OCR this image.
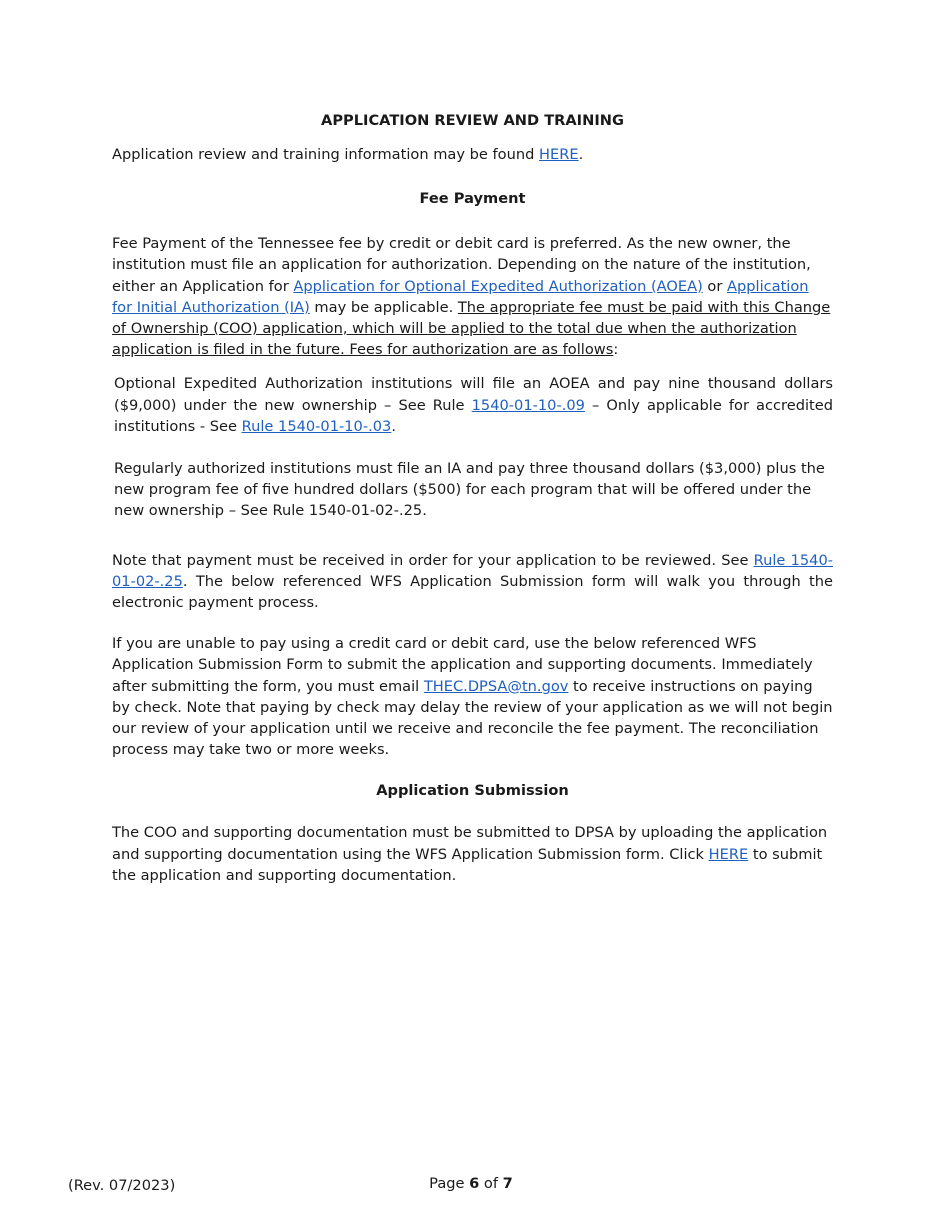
APPLICATION REVIEW AND TRAINING

Application review and training information may be found HERE.

Fee Payment

Fee Payment of the Tennessee fee by credit or debit card is preferred. As the new owner, the institution must file an application for authorization. Depending on the nature of the institution, either an Application for Application for Optional Expedited Authorization (AOEA) or Application for Initial Authorization (IA) may be applicable. The appropriate fee must be paid with this Change of Ownership (COO) application, which will be applied to the total due when the authorization application is filed in the future. Fees for authorization are as follows:

Optional Expedited Authorization institutions will file an AOEA and pay nine thousand dollars ($9,000) under the new ownership – See Rule 1540-01-10-.09 – Only applicable for accredited institutions - See Rule 1540-01-10-.03.

Regularly authorized institutions must file an IA and pay three thousand dollars ($3,000) plus the new program fee of five hundred dollars ($500) for each program that will be offered under the new ownership – See Rule 1540-01-02-.25.

Note that payment must be received in order for your application to be reviewed. See Rule 1540-01-02-.25. The below referenced WFS Application Submission form will walk you through the electronic payment process.

If you are unable to pay using a credit card or debit card, use the below referenced WFS Application Submission Form to submit the application and supporting documents. Immediately after submitting the form, you must email THEC.DPSA@tn.gov to receive instructions on paying by check. Note that paying by check may delay the review of your application as we will not begin our review of your application until we receive and reconcile the fee payment. The reconciliation process may take two or more weeks.

Application Submission

The COO and supporting documentation must be submitted to DPSA by uploading the application and supporting documentation using the WFS Application Submission form. Click HERE to submit the application and supporting documentation.

(Rev. 07/2023)	Page 6 of 7
